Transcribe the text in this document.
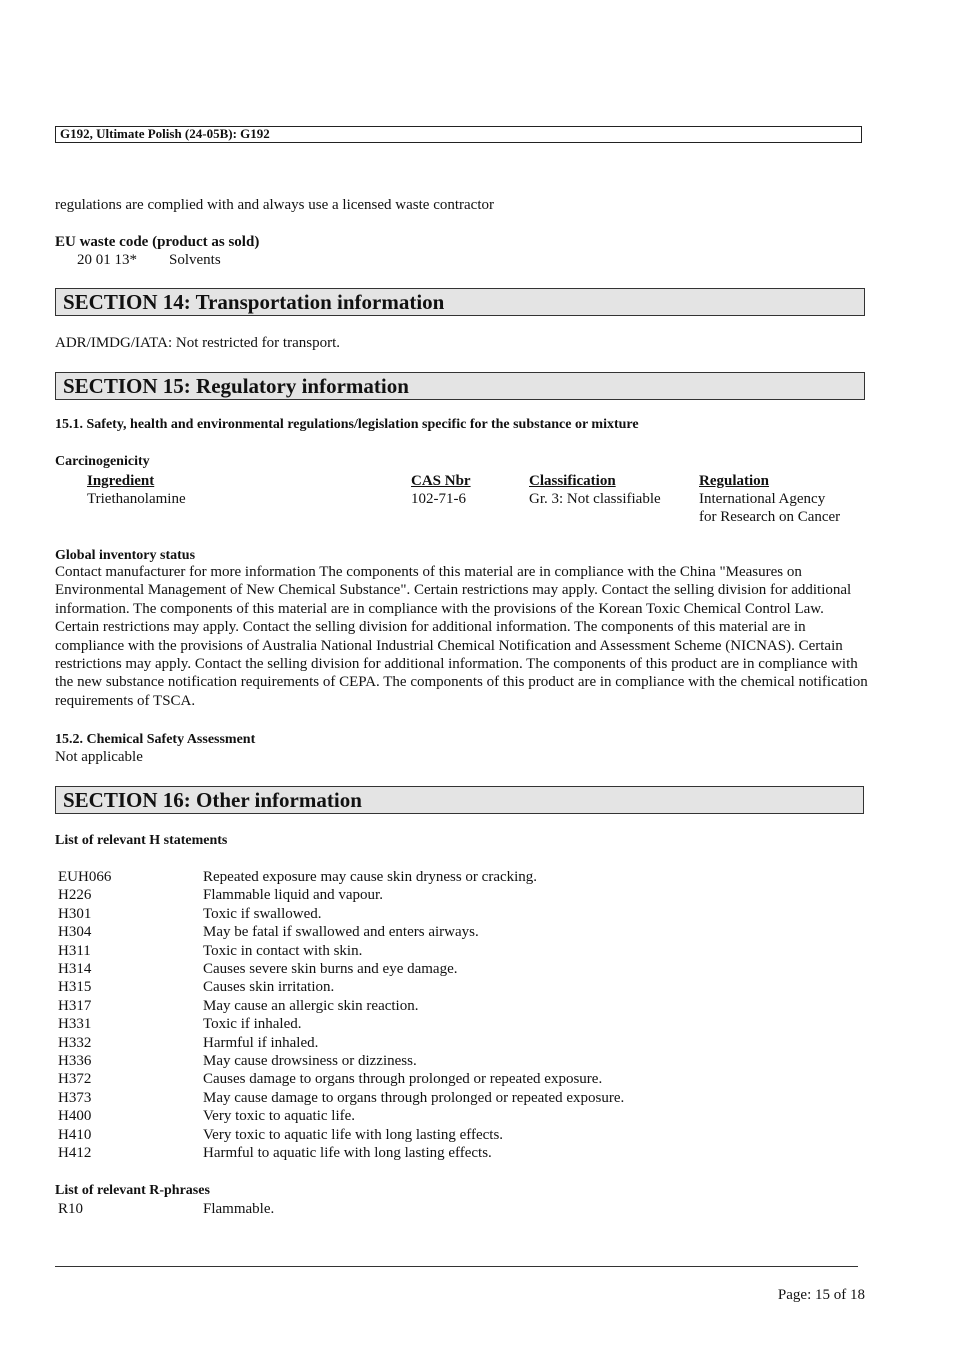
G192, Ultimate Polish (24-05B): G192
regulations are complied with and always use a licensed waste contractor
EU waste code (product as sold)
20 01 13* Solvents
SECTION 14: Transportation information
ADR/IMDG/IATA: Not restricted for transport.
SECTION 15: Regulatory information
15.1. Safety, health and environmental regulations/legislation specific for the substance or mixture
Carcinogenicity
Ingredient	CAS Nbr	Classification	Regulation
Triethanolamine	102-71-6	Gr. 3: Not classifiable	International Agency
for Research on Cancer
Global inventory status
Contact manufacturer for more information The components of this material are in compliance with the China "Measures on Environmental Management of New Chemical Substance". Certain restrictions may apply. Contact the selling division for additional information. The components of this material are in compliance with the provisions of the Korean Toxic Chemical Control Law. Certain restrictions may apply. Contact the selling division for additional information. The components of this material are in compliance with the provisions of Australia National Industrial Chemical Notification and Assessment Scheme (NICNAS). Certain restrictions may apply. Contact the selling division for additional information. The components of this product are in compliance with the new substance notification requirements of CEPA. The components of this product are in compliance with the chemical notification requirements of TSCA.
15.2. Chemical Safety Assessment
Not applicable
SECTION 16: Other information
List of relevant H statements
EUH066	Repeated exposure may cause skin dryness or cracking.
H226	Flammable liquid and vapour.
H301	Toxic if swallowed.
H304	May be fatal if swallowed and enters airways.
H311	Toxic in contact with skin.
H314	Causes severe skin burns and eye damage.
H315	Causes skin irritation.
H317	May cause an allergic skin reaction.
H331	Toxic if inhaled.
H332	Harmful if inhaled.
H336	May cause drowsiness or dizziness.
H372	Causes damage to organs through prolonged or repeated exposure.
H373	May cause damage to organs through prolonged or repeated exposure.
H400	Very toxic to aquatic life.
H410	Very toxic to aquatic life with long lasting effects.
H412	Harmful to aquatic life with long lasting effects.
List of relevant R-phrases
R10	Flammable.
Page: 15 of 18
